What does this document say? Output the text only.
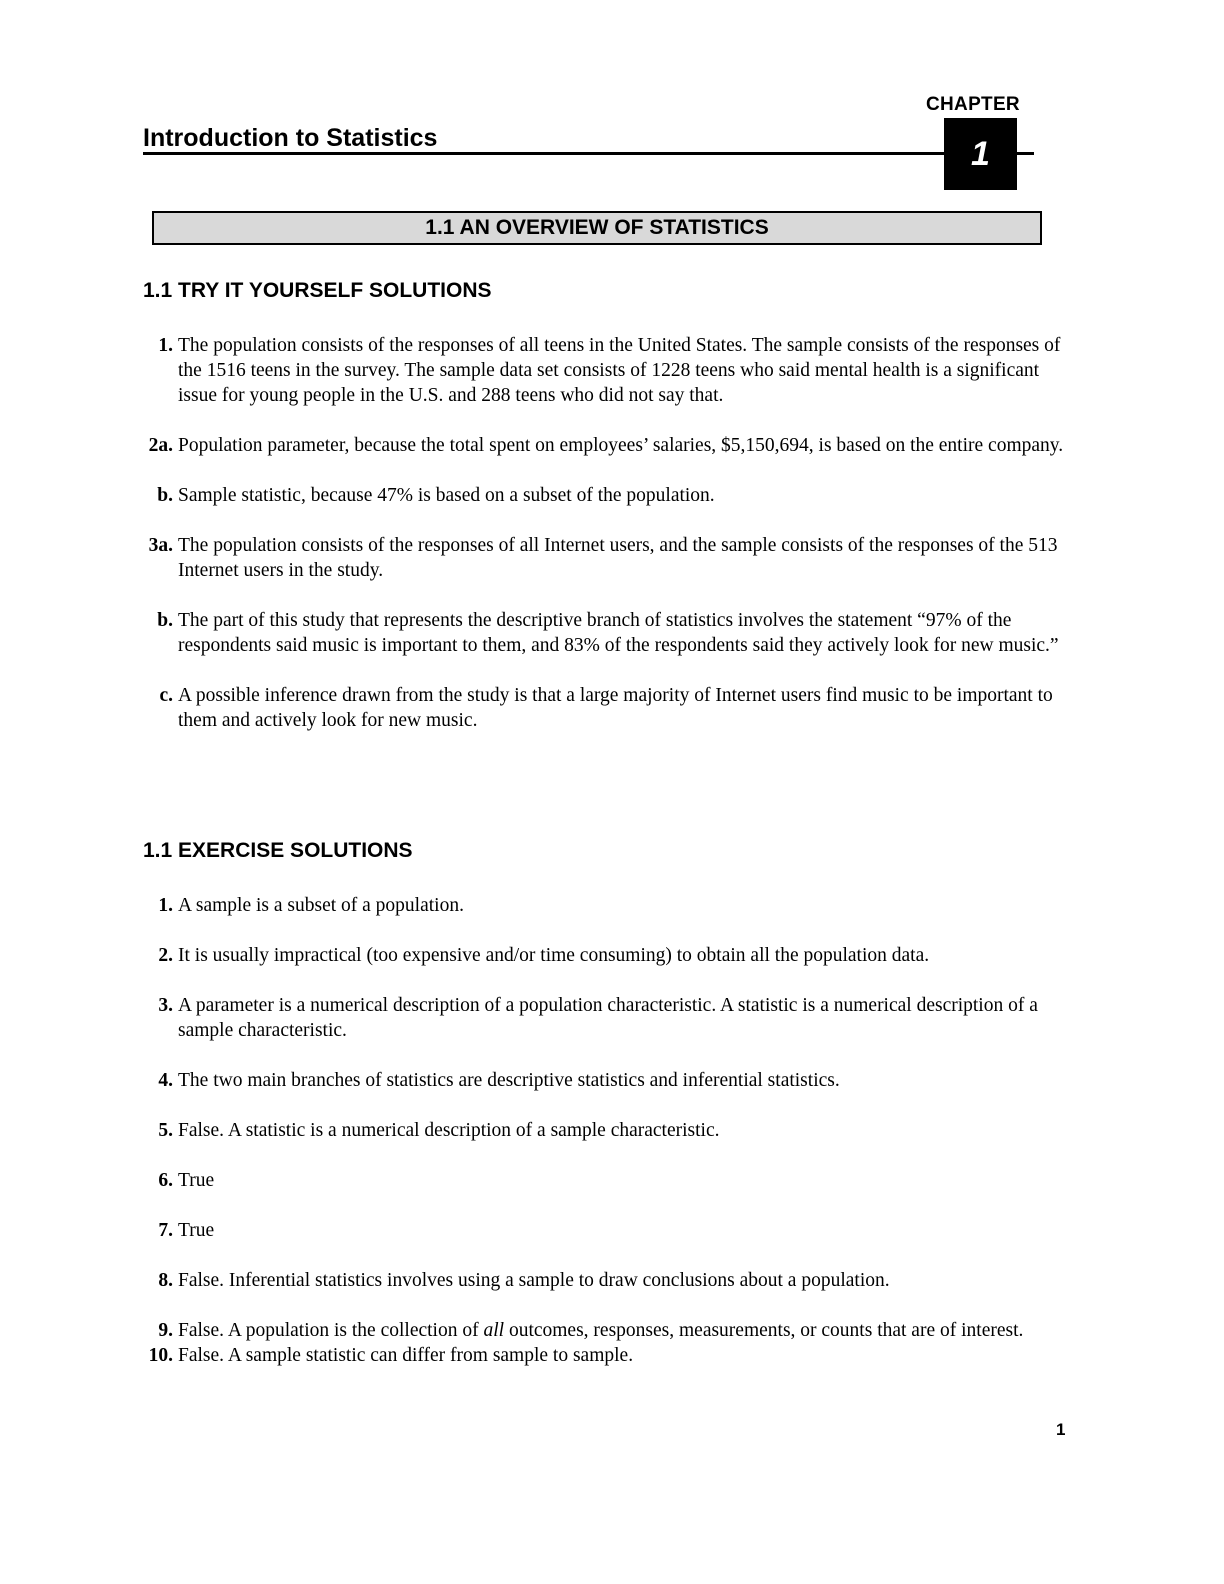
CHAPTER
Introduction to Statistics	1
1.1 AN OVERVIEW OF STATISTICS
1.1 TRY IT YOURSELF SOLUTIONS

1. The population consists of the responses of all teens in the United States. The sample consists of the responses of the 1516 teens in the survey. The sample data set consists of 1228 teens who said mental health is a significant issue for young people in the U.S. and 288 teens who did not say that.

2a. Population parameter, because the total spent on employees’ salaries, $5,150,694, is based on the entire company.

b. Sample statistic, because 47% is based on a subset of the population.

3a. The population consists of the responses of all Internet users, and the sample consists of the responses of the 513 Internet users in the study.

b. The part of this study that represents the descriptive branch of statistics involves the statement “97% of the respondents said music is important to them, and 83% of the respondents said they actively look for new music.”

c. A possible inference drawn from the study is that a large majority of Internet users find music to be important to them and actively look for new music.

1.1 EXERCISE SOLUTIONS

1. A sample is a subset of a population.

2. It is usually impractical (too expensive and/or time consuming) to obtain all the population data.

3. A parameter is a numerical description of a population characteristic. A statistic is a numerical description of a sample characteristic.

4. The two main branches of statistics are descriptive statistics and inferential statistics.

5. False. A statistic is a numerical description of a sample characteristic.

6. True

7. True

8. False. Inferential statistics involves using a sample to draw conclusions about a population.

9. False. A population is the collection of all outcomes, responses, measurements, or counts that are of interest.

10. False. A sample statistic can differ from sample to sample.

1
